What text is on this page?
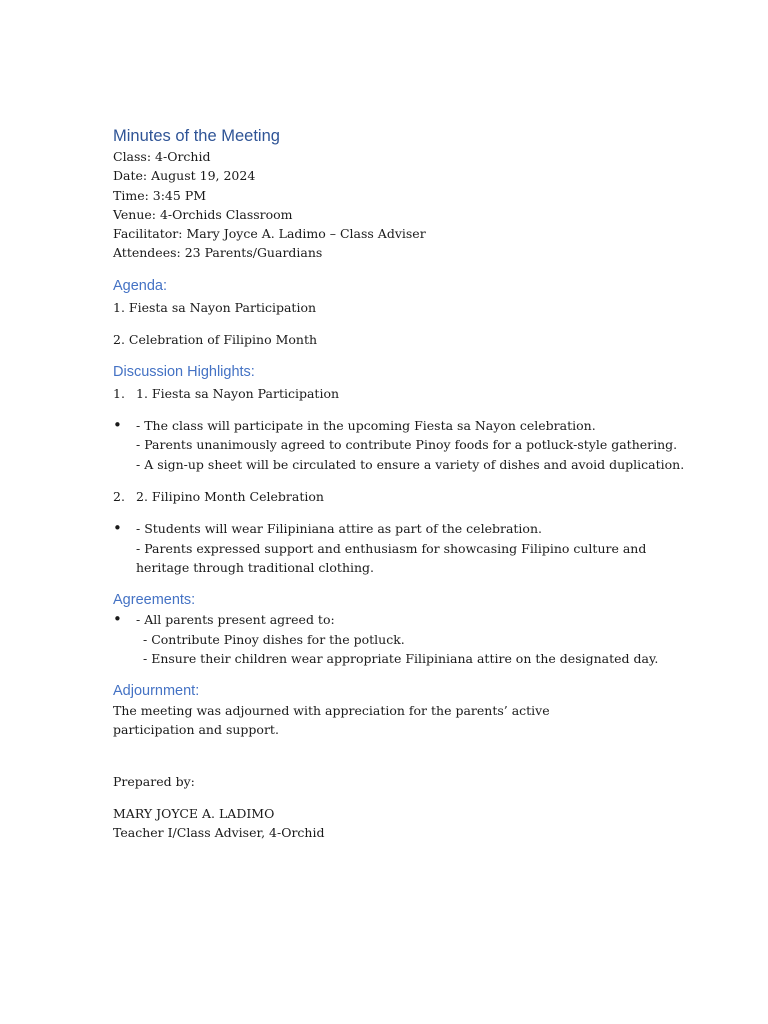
Minutes of the Meeting
Class: 4-Orchid
Date: August 19, 2024
Time: 3:45 PM
Venue: 4-Orchids Classroom
Facilitator: Mary Joyce A. Ladimo – Class Adviser
Attendees: 23 Parents/Guardians
Agenda:
1. Fiesta sa Nayon Participation
2. Celebration of Filipino Month
Discussion Highlights:
1. 1. Fiesta sa Nayon Participation
• - The class will participate in the upcoming Fiesta sa Nayon celebration.
- Parents unanimously agreed to contribute Pinoy foods for a potluck-style gathering.
- A sign-up sheet will be circulated to ensure a variety of dishes and avoid duplication.
2. 2. Filipino Month Celebration
• - Students will wear Filipiniana attire as part of the celebration.
- Parents expressed support and enthusiasm for showcasing Filipino culture and
heritage through traditional clothing.
Agreements:
• - All parents present agreed to:
- Contribute Pinoy dishes for the potluck.
- Ensure their children wear appropriate Filipiniana attire on the designated day.
Adjournment:
The meeting was adjourned with appreciation for the parents’ active participation and support.
Prepared by:
MARY JOYCE A. LADIMO
Teacher I/Class Adviser, 4-Orchid
